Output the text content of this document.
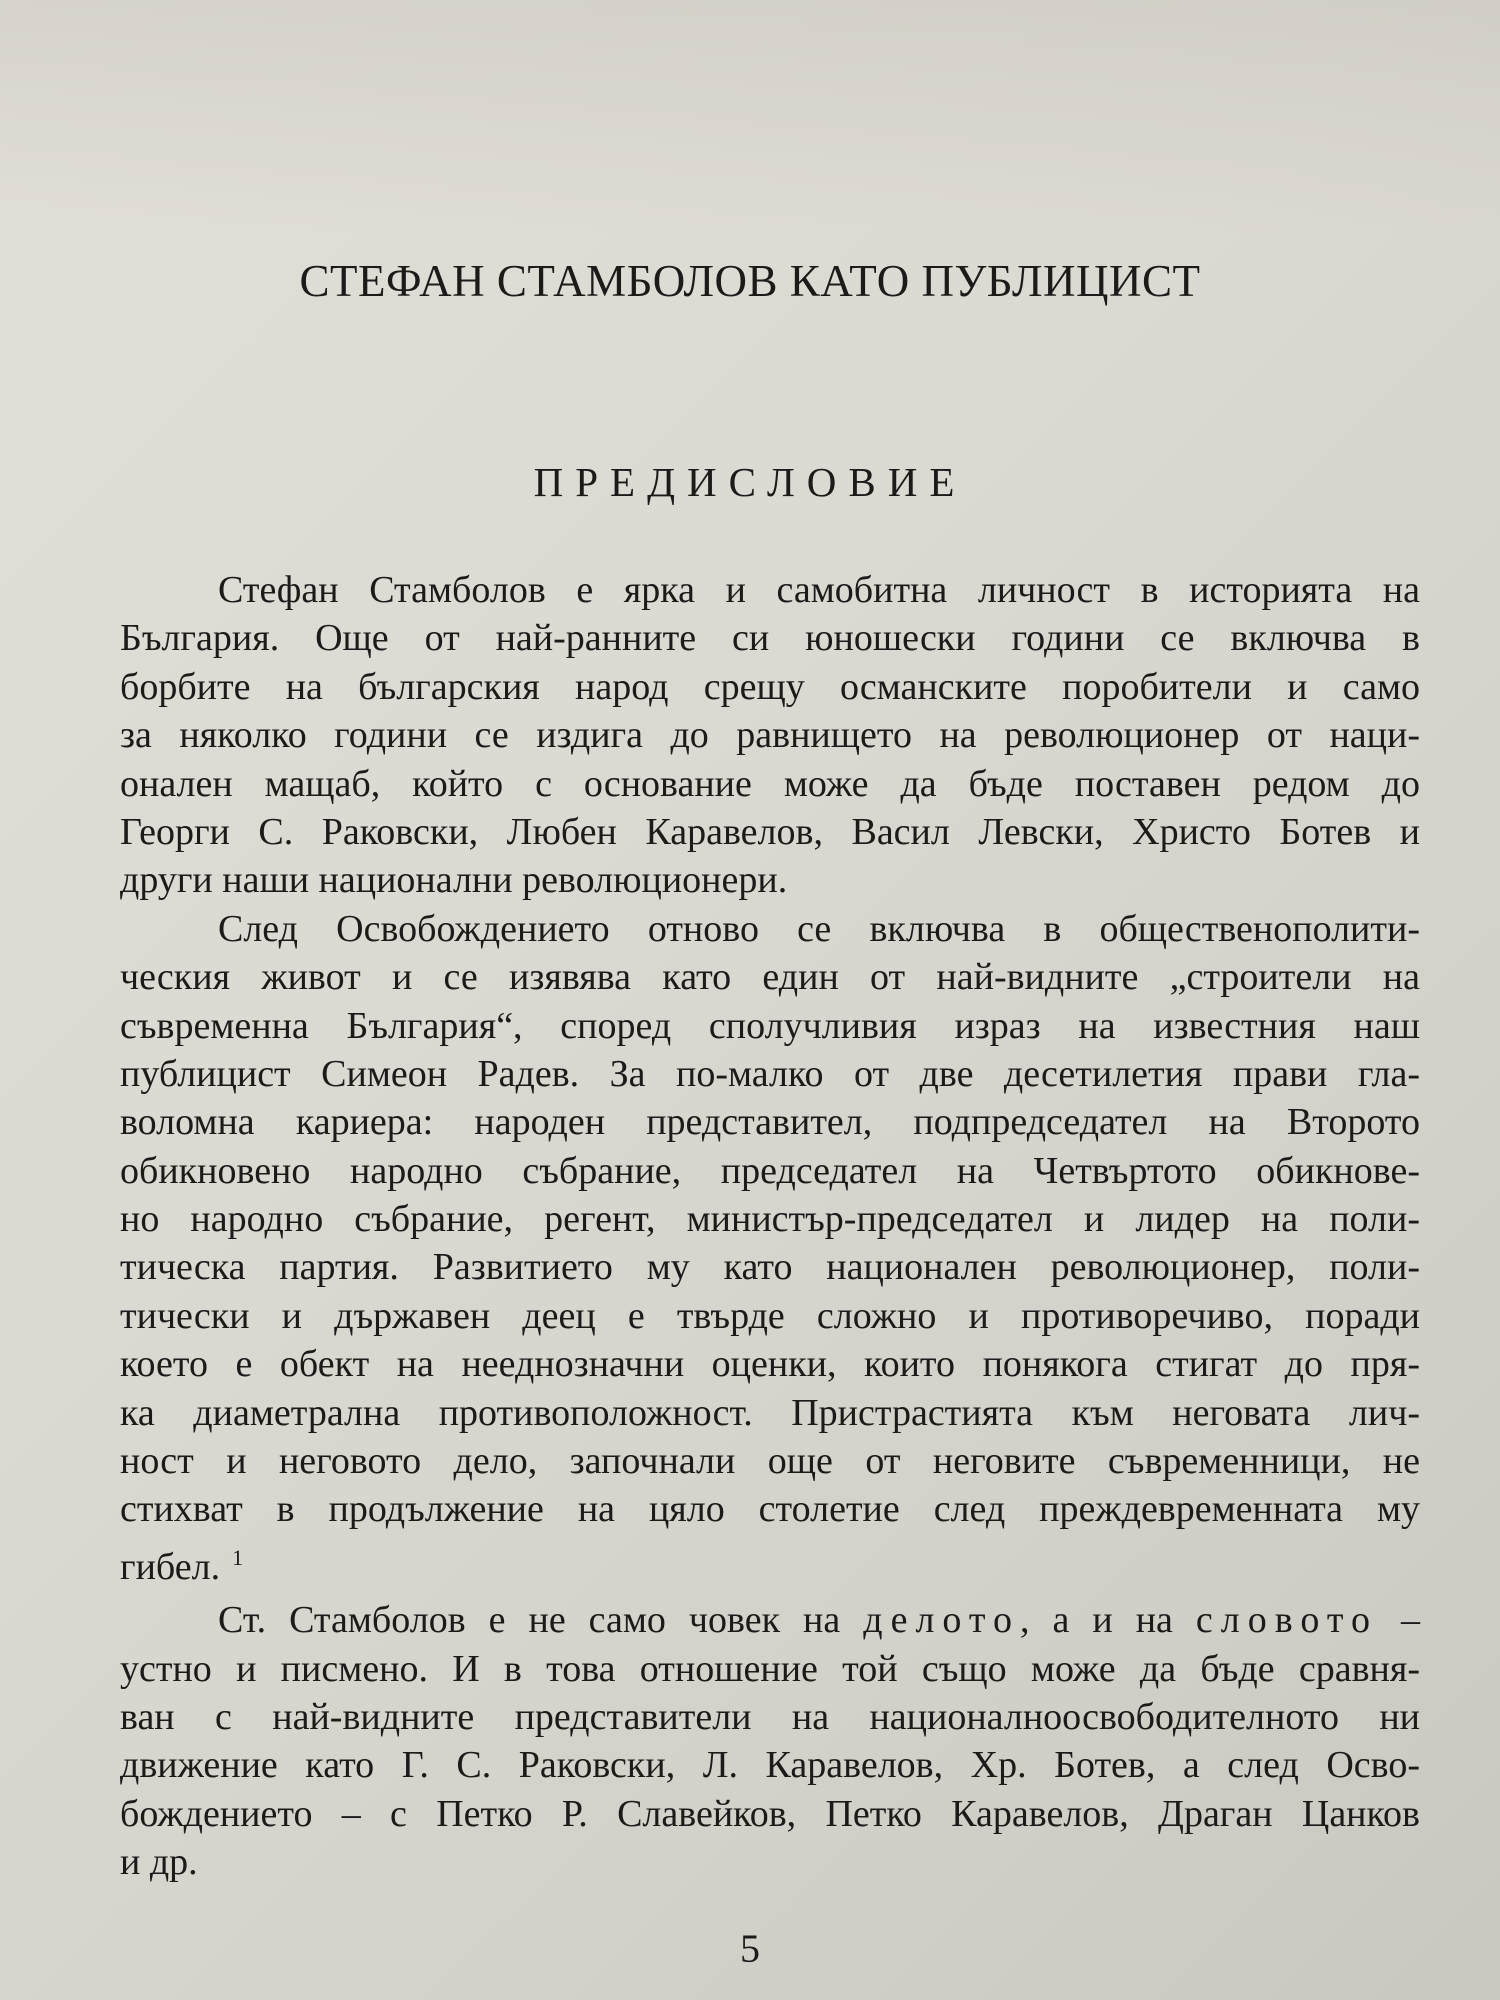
СТЕФАН СТАМБОЛОВ КАТО ПУБЛИЦИСТ
ПРЕДИСЛОВИЕ
Стефан Стамболов е ярка и самобитна личност в историята на
България. Още от най-ранните си юношески години се включва в
борбите на българския народ срещу османските поробители и само
за няколко години се издига до равнището на революционер от наци-
онален мащаб, който с основание може да бъде поставен редом до
Георги С. Раковски, Любен Каравелов, Васил Левски, Христо Ботев и
други наши национални революционери.
След Освобождението отново се включва в общественополити-
ческия живот и се изявява като един от най-видните „строители на
съвременна България“, според сполучливия израз на известния наш
публицист Симеон Радев. За по-малко от две десетилетия прави гла-
воломна кариера: народен представител, подпредседател на Второто
обикновено народно събрание, председател на Четвъртото обикнове-
но народно събрание, регент, министър-председател и лидер на поли-
тическа партия. Развитието му като национален революционер, поли-
тически и държавен деец е твърде сложно и противоречиво, поради
което е обект на нееднозначни оценки, които понякога стигат до пря-
ка диаметрална противоположност. Пристрастията към неговата лич-
ност и неговото дело, започнали още от неговите съвременници, не
стихват в продължение на цяло столетие след преждевременната му
гибел. $^1$
Ст. Стамболов е не само човек на делото, а и на словото –
устно и писмено. И в това отношение той също може да бъде сравня-
ван с най-видните представители на националноосвободителното ни
движение като Г. С. Раковски, Л. Каравелов, Хр. Ботев, а след Осво-
бождението – с Петко Р. Славейков, Петко Каравелов, Драган Цанков
и др.
5
